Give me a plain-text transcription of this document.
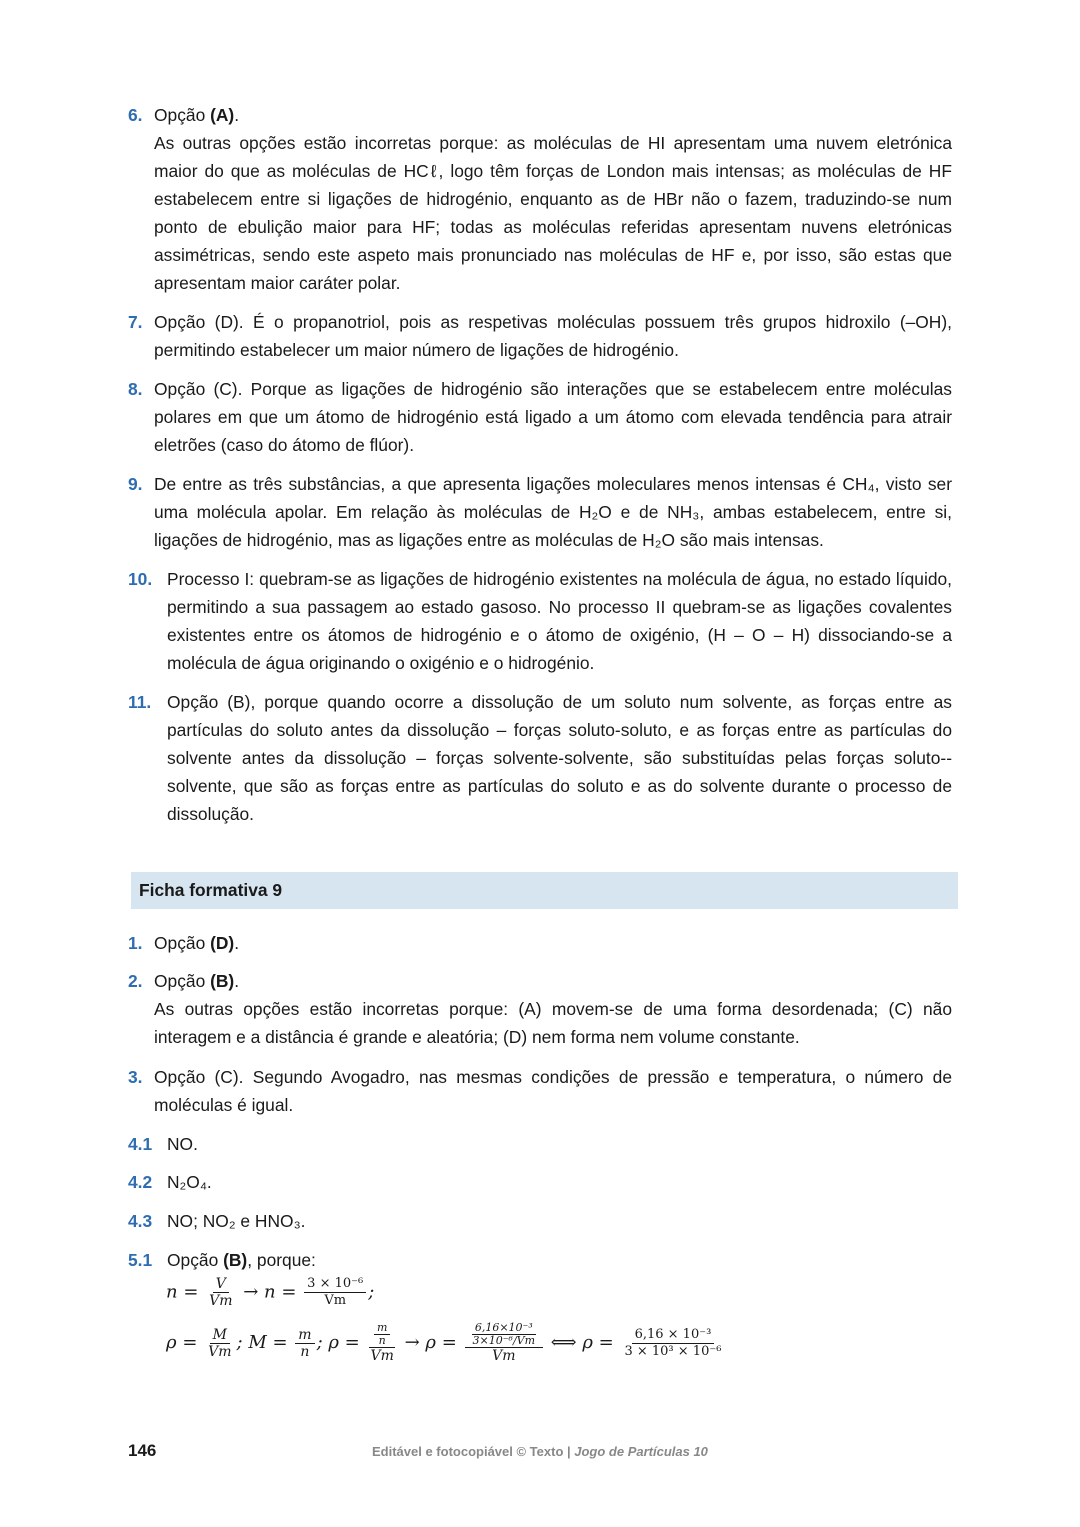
6. Opção (A).
As outras opções estão incorretas porque: as moléculas de HI apresentam uma nuvem eletrónica maior do que as moléculas de HCℓ, logo têm forças de London mais intensas; as moléculas de HF estabelecem entre si ligações de hidrogénio, enquanto as de HBr não o fazem, traduzindo-se num ponto de ebulição maior para HF; todas as moléculas referidas apresentam nuvens eletrónicas assimétricas, sendo este aspeto mais pronunciado nas moléculas de HF e, por isso, são estas que apresentam maior caráter polar.
7. Opção (D). É o propanotriol, pois as respetivas moléculas possuem três grupos hidroxilo (–OH), permitindo estabelecer um maior número de ligações de hidrogénio.
8. Opção (C). Porque as ligações de hidrogénio são interações que se estabelecem entre moléculas polares em que um átomo de hidrogénio está ligado a um átomo com elevada tendência para atrair eletrões (caso do átomo de flúor).
9. De entre as três substâncias, a que apresenta ligações moleculares menos intensas é CH₄, visto ser uma molécula apolar. Em relação às moléculas de H₂O e de NH₃, ambas estabelecem, entre si, ligações de hidrogénio, mas as ligações entre as moléculas de H₂O são mais intensas.
10. Processo I: quebram-se as ligações de hidrogénio existentes na molécula de água, no estado líquido, permitindo a sua passagem ao estado gasoso. No processo II quebram-se as ligações covalentes existentes entre os átomos de hidrogénio e o átomo de oxigénio, (H – O – H) dissociando-se a molécula de água originando o oxigénio e o hidrogénio.
11. Opção (B), porque quando ocorre a dissolução de um soluto num solvente, as forças entre as partículas do soluto antes da dissolução – forças soluto-soluto, e as forças entre as partículas do solvente antes da dissolução – forças solvente-solvente, são substituídas pelas forças soluto--solvente, que são as forças entre as partículas do soluto e as do solvente durante o processo de dissolução.
Ficha formativa 9
1. Opção (D).
2. Opção (B).
As outras opções estão incorretas porque: (A) movem-se de uma forma desordenada; (C) não interagem e a distância é grande e aleatória; (D) nem forma nem volume constante.
3. Opção (C). Segundo Avogadro, nas mesmas condições de pressão e temperatura, o número de moléculas é igual.
4.1 NO.
4.2 N₂O₄.
4.3 NO; NO₂ e HNO₃.
5.1 Opção (B), porque:
$n = \frac{V}{Vm} \to n = \frac{\text{3 × 10⁻⁶}}{Vm}$ ;
$\rho = \frac{M}{Vm}$ ; $M = \frac{m}{n}$ ; $\rho = \frac{\frac{m}{n}}{Vm} \to \rho = \frac{\frac{\text{6,16×10⁻³}}{\text{3×10⁻⁶/Vm}}}{Vm}$ ⟺ $\rho = \frac{\text{6,16 × 10⁻³}}{\text{3 × 10³ × 10⁻⁶}}$
146	Editável e fotocopiável © Texto | Jogo de Partículas 10
